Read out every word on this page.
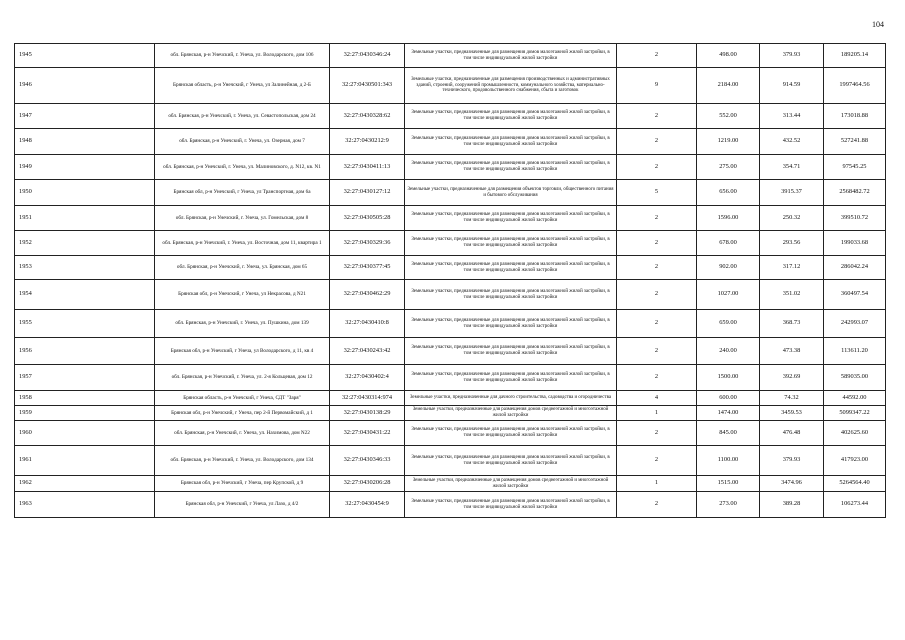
104
1945	обл. Брянская, р-н Унечский, г. Унеча, ул. Володарского, дом 106	32:27:0430346:24	Земельные участки, предназначенные для размещения домов малоэтажной жилой застройки, в том числе индивидуальной жилой застройки	2	498.00	379.93	189205.14
1946	Брянская область, р-н Унечский, г Унеча, ул Залинейная, д 2-Б	32:27:0430501:343	Земельные участки, предназначенные для размещения производственных и административных зданий, строений, сооружений промышленности, коммунального хозяйства, материально-технического, продовольственного снабжения, сбыта и заготовок	9	2184.00	914.59	1997464.56
1947	обл. Брянская, р-н Унечский, г. Унеча, ул. Севастопольская, дом 24	32:27:0430328:62	Земельные участки, предназначенные для размещения домов малоэтажной жилой застройки, в том числе индивидуальной жилой застройки	2	552.00	313.44	173018.88
1948	обл. Брянская, р-н Унечский, г. Унеча, ул. Озерная, дом 7	32:27:0430212:9	Земельные участки, предназначенные для размещения домов малоэтажной жилой застройки, в том числе индивидуальной жилой застройки	2	1219.00	432.52	527241.88
1949	обл. Брянская, р-н Унечский, г. Унеча, ул. Малиновского, д. N12, кв. N1	32:27:0430411:13	Земельные участки, предназначенные для размещения домов малоэтажной жилой застройки, в том числе индивидуальной жилой застройки	2	275.00	354.71	97545.25
1950	Брянская обл, р-н Унечский, г Унеча, ул Транспортная, дом 6а	32:27:0430127:12	Земельные участки, предназначенные для размещения объектов торговли, общественного питания и бытового обслуживания	5	656.00	3915.37	2568482.72
1951	обл. Брянская, р-н Унечский, г. Унеча, ул. Гомельская, дом 8	32:27:0430505:28	Земельные участки, предназначенные для размещения домов малоэтажной жилой застройки, в том числе индивидуальной жилой застройки	2	1596.00	250.32	399510.72
1952	обл. Брянская, р-н Унечский, г. Унеча, ул. Восточная, дом 11, квартира 1	32:27:0430329:36	Земельные участки, предназначенные для размещения домов малоэтажной жилой застройки, в том числе индивидуальной жилой застройки	2	678.00	293.56	199033.68
1953	обл. Брянская, р-н Унечский, г. Унеча, ул. Брянская, дом 65	32:27:0430377:45	Земельные участки, предназначенные для размещения домов малоэтажной жилой застройки, в том числе индивидуальной жилой застройки	2	902.00	317.12	286042.24
1954	Брянская обл, р-н Унечский, г Унеча, ул Некрасова, д N21	32:27:0430462:29	Земельные участки, предназначенные для размещения домов малоэтажной жилой застройки, в том числе индивидуальной жилой застройки	2	1027.00	351.02	360497.54
1955	обл. Брянская, р-н Унечский, г. Унеча, ул. Пушкина, дом 139	32:27:0430410:8	Земельные участки, предназначенные для размещения домов малоэтажной жилой застройки, в том числе индивидуальной жилой застройки	2	659.00	368.73	242993.07
1956	Брянская обл, р-н Унечский, г Унеча, ул Володарского, д 11, кв 4	32:27:0430243:42	Земельные участки, предназначенные для размещения домов малоэтажной жилой застройки, в том числе индивидуальной жилой застройки	2	240.00	473.38	113611.20
1957	обл. Брянская, р-н Унечский, г. Унеча, ул. 2-я Кольцевая, дом 12	32:27:0430402:4	Земельные участки, предназначенные для размещения домов малоэтажной жилой застройки, в том числе индивидуальной жилой застройки	2	1500.00	392.69	589035.00
1958	Брянская область, р-н Унечский, г Унеча, СДТ "Заря"	32:27:0430314:974	Земельные участки, предназначенные для дачного строительства, садоводства и огородничества	4	600.00	74.32	44592.00
1959	Брянская обл, р-н Унечский, г Унеча, пер 2-й Первомайский, д 1	32:27:0430138:29	Земельные участки, предназначенные для размещения домов среднеэтажной и многоэтажной жилой застройки	1	1474.00	3459.53	5099347.22
1960	обл. Брянская, р-н Унечский, г. Унеча, ул. Нахимова, дом N22	32:27:0430431:22	Земельные участки, предназначенные для размещения домов малоэтажной жилой застройки, в том числе индивидуальной жилой застройки	2	845.00	476.48	402625.60
1961	обл. Брянская, р-н Унечский, г. Унеча, ул. Володарского, дом 134	32:27:0430346:33	Земельные участки, предназначенные для размещения домов малоэтажной жилой застройки, в том числе индивидуальной жилой застройки	2	1100.00	379.93	417923.00
1962	Брянская обл, р-н Унечский, г Унеча, пер Крупской, д 9	32:27:0430206:28	Земельные участки, предназначенные для размещения домов среднеэтажной и многоэтажной жилой застройки	1	1515.00	3474.96	5264564.40
1963	Брянская обл, р-н Унечский, г Унеча, ул Лазо, д 4/2	32:27:0430454:9	Земельные участки, предназначенные для размещения домов малоэтажной жилой застройки, в том числе индивидуальной жилой застройки	2	273.00	389.28	106273.44
